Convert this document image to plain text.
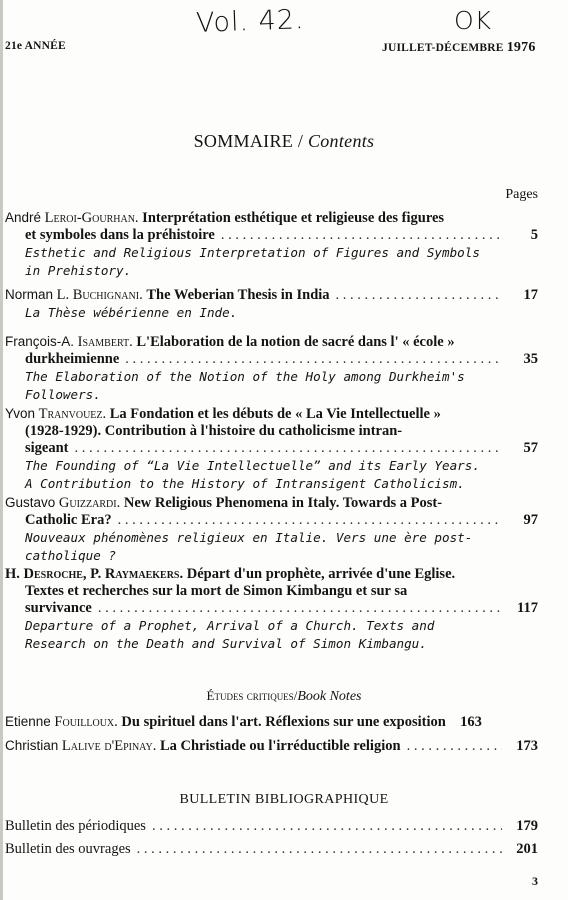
Vol. 42.	OK
21e ANNÉE	JUILLET-DÉCEMBRE 1976
SOMMAIRE / Contents
Pages
André Leroi-Gourhan. Interprétation esthétique et religieuse des figures
et symboles dans la préhistoire . . .	5
Esthetic and Religious Interpretation of Figures and Symbols
in Prehistory.
Norman
L. Buchignani.
The Weberian Thesis in India . . .	17
La Thèse wébérienne en Inde.
François-A. Isambert. L'Elaboration de la notion de sacré dans l' « école »
durkheimienne . . .	35
The Elaboration of the Notion of the Holy among Durkheim's
Followers.
Yvon Tranvouez. La Fondation et les débuts de « La Vie Intellectuelle »
(1928-1929). Contribution à l'histoire du catholicisme intran-
sigeant . . .	57
The Founding of “La Vie Intellectuelle” and its Early Years.
A Contribution to the History of Intransigent Catholicism.
Gustavo Guizzardi. New Religious Phenomena in Italy. Towards a Post-
Catholic Era? . . .	97
Nouveaux phénomènes religieux en Italie. Vers une ère post-
catholique ?
H. Desroche, P. Raymaekers. Départ d'un prophète, arrivée d'une Eglise.
Textes et recherches sur la mort de Simon Kimbangu et sur sa
survivance . . .	117
Departure of a Prophet, Arrival of a Church. Texts and
Research on the Death and Survival of Simon Kimbangu.
Études critiques/Book Notes
Etienne
Fouilloux.
Du spirituel dans l'art. Réflexions sur une exposition 163
Christian
Lalive d'Epinay.
La Christiade ou l'irréductible religion . . .	173
BULLETIN BIBLIOGRAPHIQUE
Bulletin des périodiques . . .	179
Bulletin des ouvrages . . .	201
3
